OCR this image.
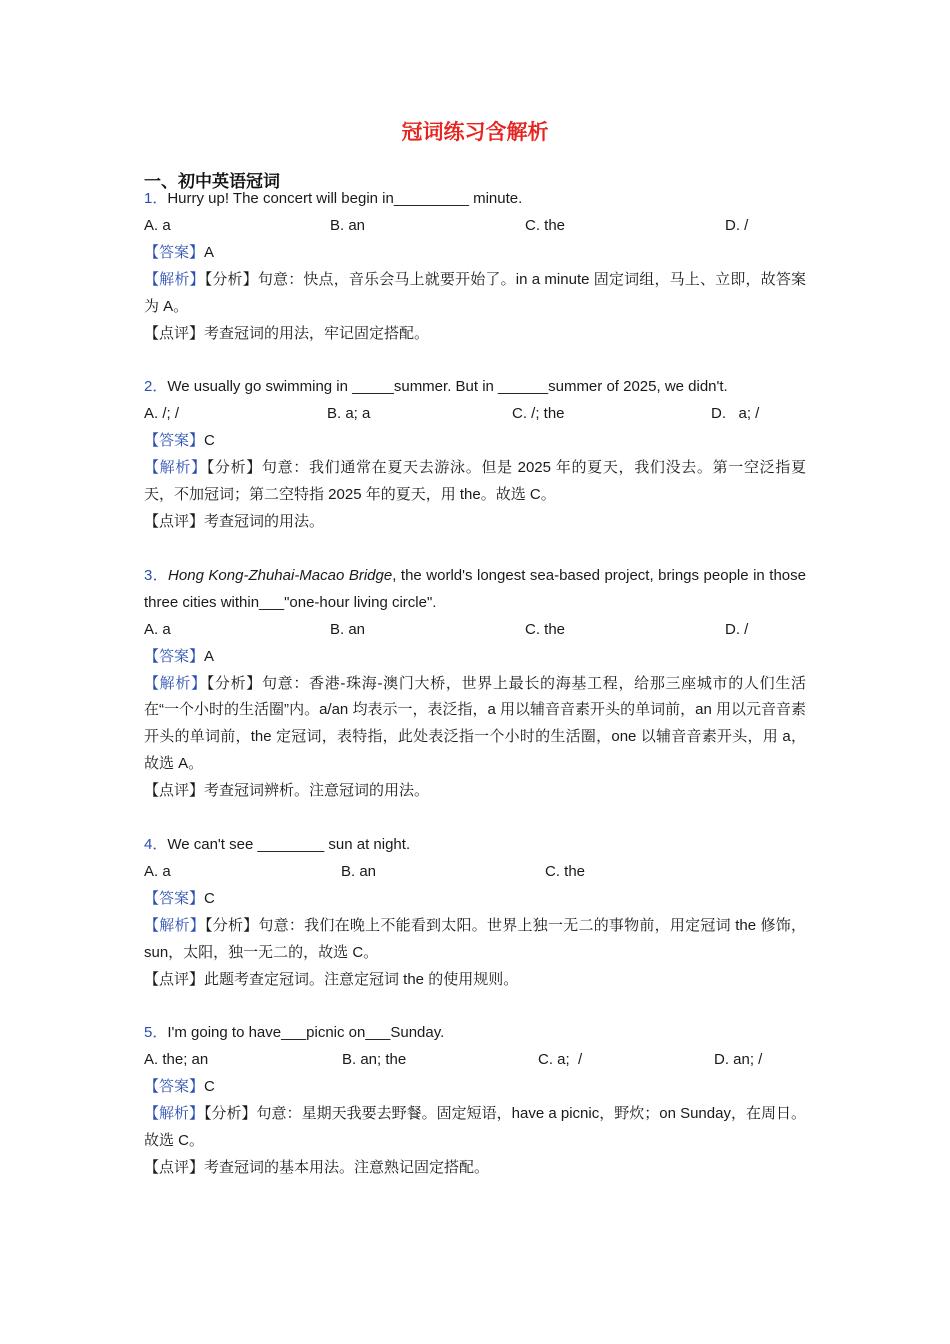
冠词练习含解析
一、初中英语冠词

1．Hurry up! The concert will begin in_________ minute.

A. a	B. an	C. the	D. /

【答案】A

【解析】【分析】句意：快点，音乐会马上就要开始了。in a minute 固定词组，马上、立即，故答案为 A。

【点评】考查冠词的用法，牢记固定搭配。

2．We usually go swimming in _____summer. But in ______summer of 2025, we didn't.

A. /; /	B. a; a	C. /; the	D.   a; /

【答案】C

【解析】【分析】句意：我们通常在夏天去游泳。但是 2025 年的夏天，我们没去。第一空泛指夏天，不加冠词；第二空特指 2025 年的夏天，用 the。故选 C。

【点评】考查冠词的用法。

3．Hong Kong-Zhuhai-Macao Bridge, the world's longest sea-based project, brings people in those three cities within___"one-hour living circle".

A. a	B. an	C. the	D. /

【答案】A

【解析】【分析】句意：香港-珠海-澳门大桥，世界上最长的海基工程，给那三座城市的人们生活在“一个小时的生活圈”内。a/an 均表示一，表泛指，a 用以辅音音素开头的单词前，an 用以元音音素开头的单词前，the 定冠词，表特指，此处表泛指一个小时的生活圈，one 以辅音音素开头，用 a，故选 A。

【点评】考查冠词辨析。注意冠词的用法。

4．We can't see ________ sun at night.

A. a	B. an	C. the

【答案】C

【解析】【分析】句意：我们在晚上不能看到太阳。世界上独一无二的事物前，用定冠词 the 修饰，sun，太阳，独一无二的，故选 C。

【点评】此题考查定冠词。注意定冠词 the 的使用规则。

5．I'm going to have___picnic on___Sunday.

A. the; an	B. an; the	C. a;  /	D. an; /

【答案】C

【解析】【分析】句意：星期天我要去野餐。固定短语，have a picnic，野炊；on Sunday，在周日。故选 C。

【点评】考查冠词的基本用法。注意熟记固定搭配。
